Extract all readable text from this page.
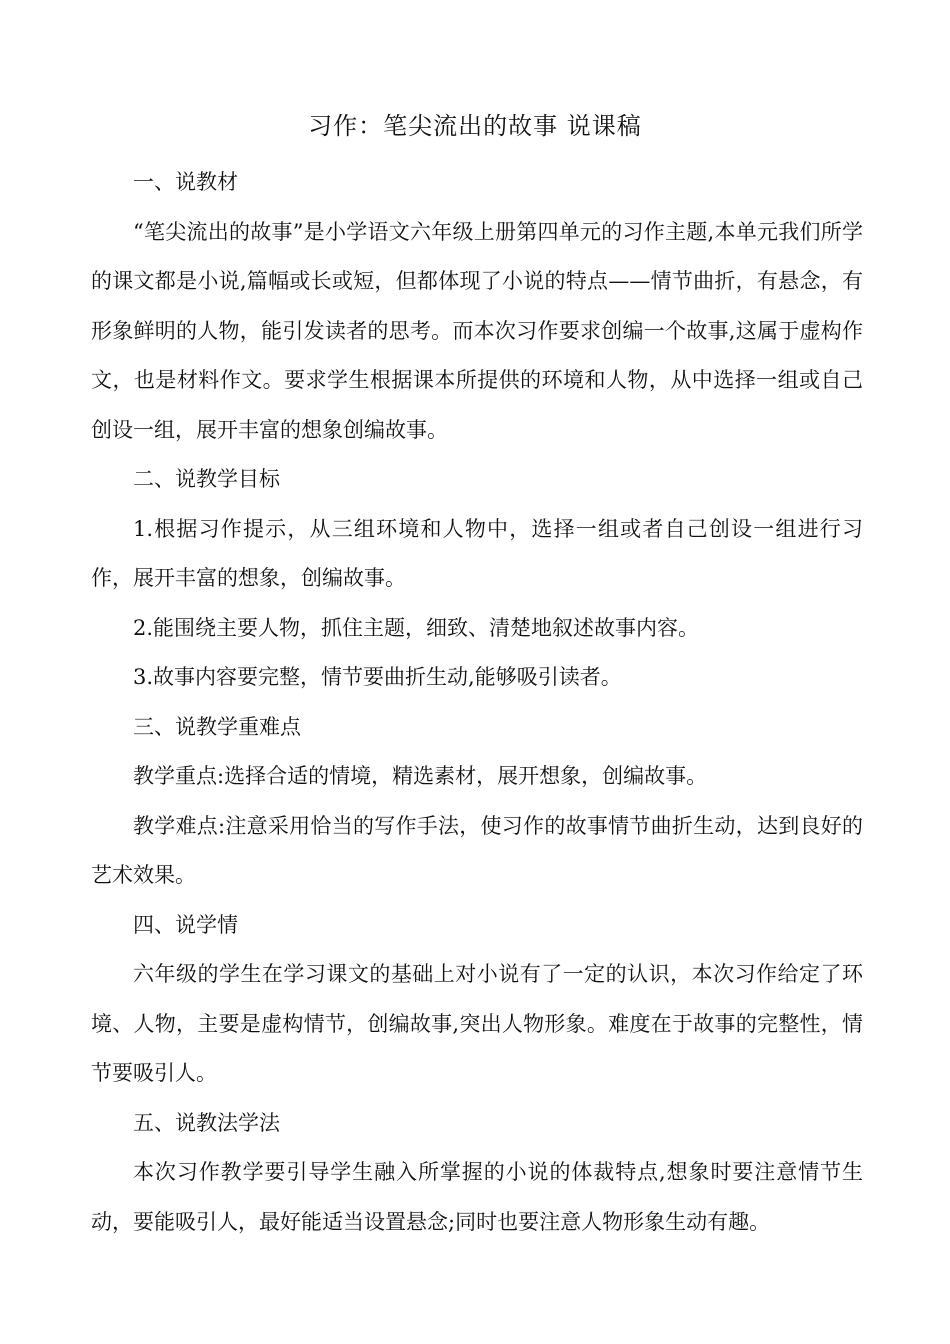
习作：笔尖流出的故事 说课稿

一、说教材

“笔尖流出的故事”是小学语文六年级上册第四单元的习作主题,本单元我们所学的课文都是小说,篇幅或长或短，但都体现了小说的特点——情节曲折，有悬念，有形象鲜明的人物，能引发读者的思考。而本次习作要求创编一个故事,这属于虚构作文，也是材料作文。要求学生根据课本所提供的环境和人物，从中选择一组或自己创设一组，展开丰富的想象创编故事。

二、说教学目标

1.根据习作提示，从三组环境和人物中，选择一组或者自己创设一组进行习作，展开丰富的想象，创编故事。

2.能围绕主要人物，抓住主题，细致、清楚地叙述故事内容。

3.故事内容要完整，情节要曲折生动,能够吸引读者。

三、说教学重难点

教学重点:选择合适的情境，精选素材，展开想象，创编故事。

教学难点:注意采用恰当的写作手法，使习作的故事情节曲折生动，达到良好的艺术效果。

四、说学情

六年级的学生在学习课文的基础上对小说有了一定的认识，本次习作给定了环境、人物，主要是虚构情节，创编故事,突出人物形象。难度在于故事的完整性，情节要吸引人。

五、说教法学法

本次习作教学要引导学生融入所掌握的小说的体裁特点,想象时要注意情节生动，要能吸引人，最好能适当设置悬念;同时也要注意人物形象生动有趣。
